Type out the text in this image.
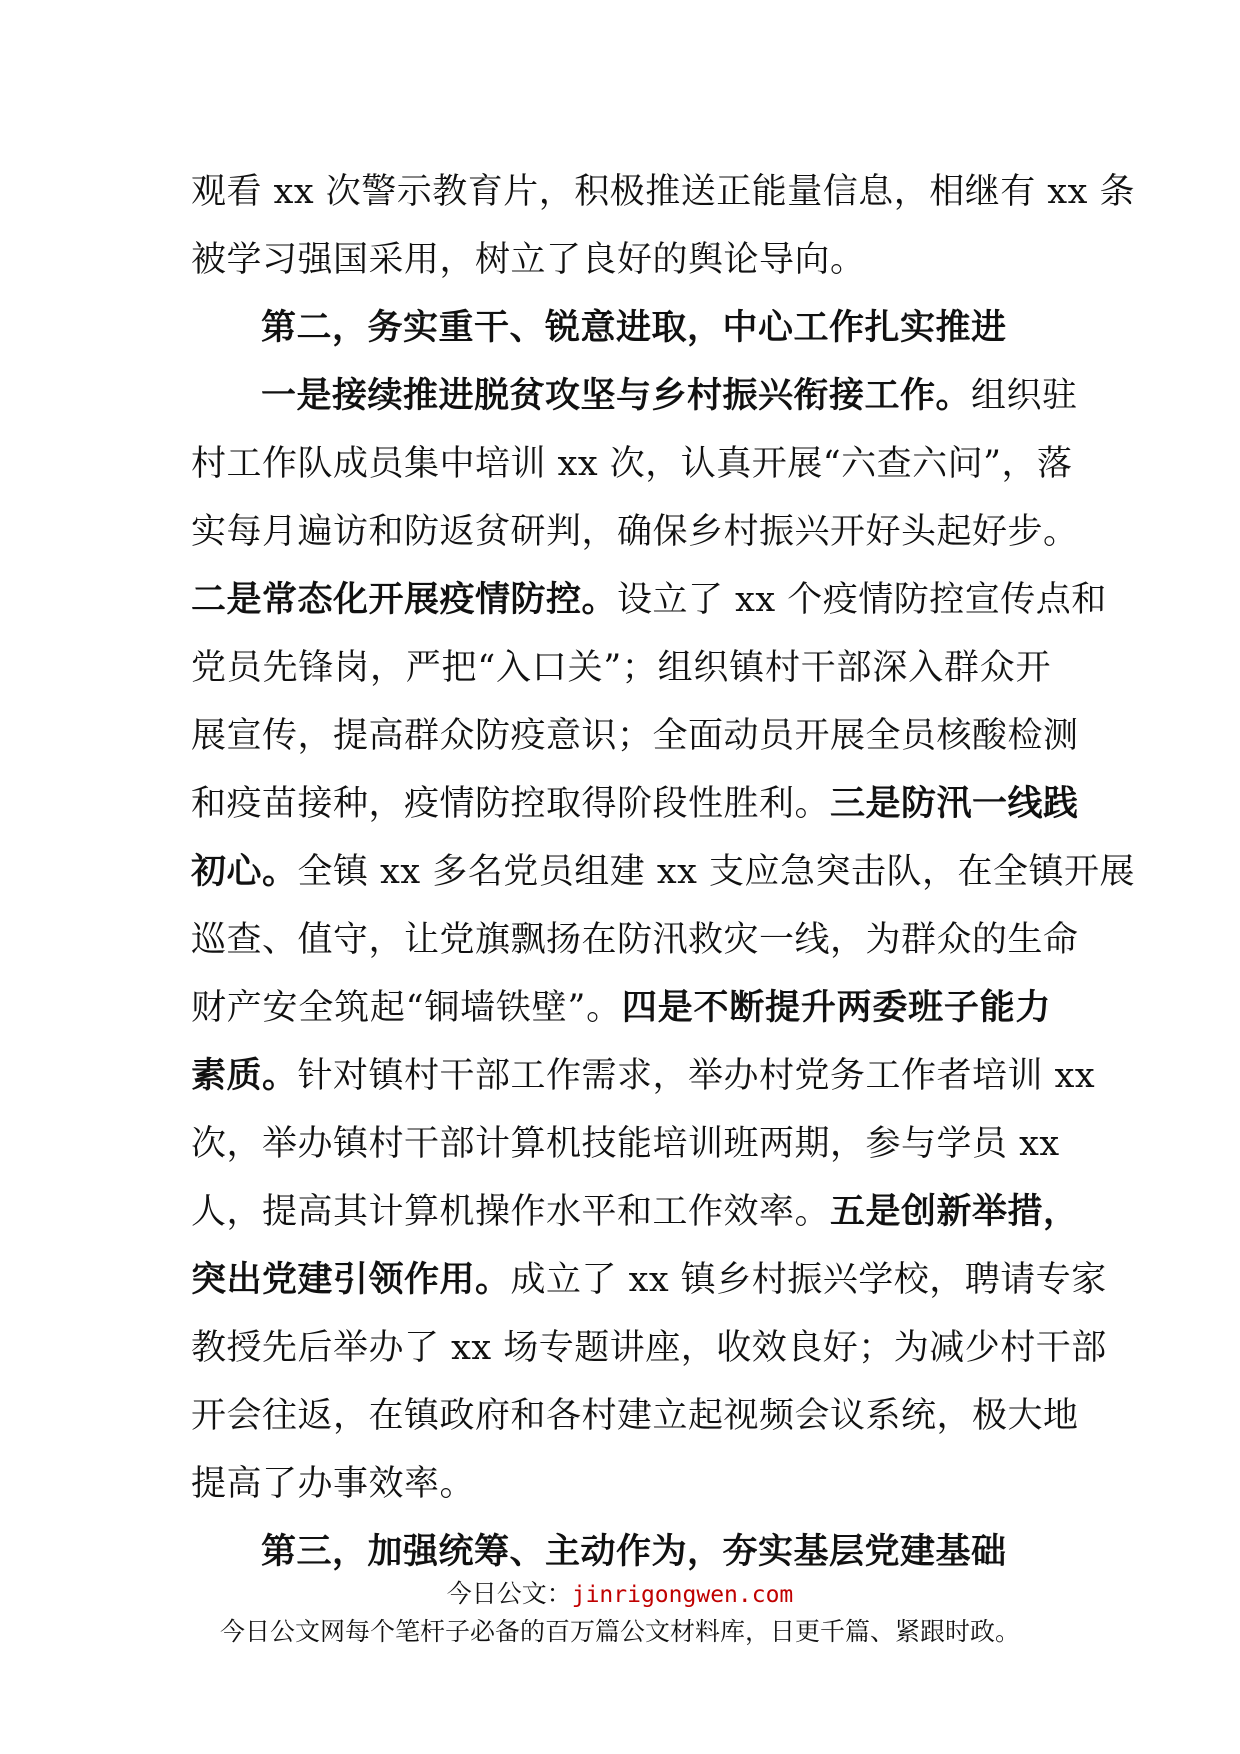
观看 xx 次警示教育片，积极推送正能量信息，相继有 xx 条
被学习强国采用，树立了良好的舆论导向。
第二，务实重干、锐意进取，中心工作扎实推进
一是接续推进脱贫攻坚与乡村振兴衔接工作。组织驻
村工作队成员集中培训 xx 次，认真开展“六查六问”，落
实每月遍访和防返贫研判，确保乡村振兴开好头起好步。
二是常态化开展疫情防控。设立了 xx 个疫情防控宣传点和
党员先锋岗，严把“入口关”；组织镇村干部深入群众开
展宣传，提高群众防疫意识；全面动员开展全员核酸检测
和疫苗接种，疫情防控取得阶段性胜利。三是防汛一线践
初心。全镇 xx 多名党员组建 xx 支应急突击队，在全镇开展
巡查、值守，让党旗飘扬在防汛救灾一线，为群众的生命
财产安全筑起“铜墙铁壁”。四是不断提升两委班子能力
素质。针对镇村干部工作需求，举办村党务工作者培训 xx
次，举办镇村干部计算机技能培训班两期，参与学员 xx
人，提高其计算机操作水平和工作效率。五是创新举措，
突出党建引领作用。成立了 xx 镇乡村振兴学校，聘请专家
教授先后举办了 xx 场专题讲座，收效良好；为减少村干部
开会往返，在镇政府和各村建立起视频会议系统，极大地
提高了办事效率。
第三，加强统筹、主动作为，夯实基层党建基础
今日公文：jinrigongwen.com
今日公文网每个笔杆子必备的百万篇公文材料库，日更千篇、紧跟时政。
